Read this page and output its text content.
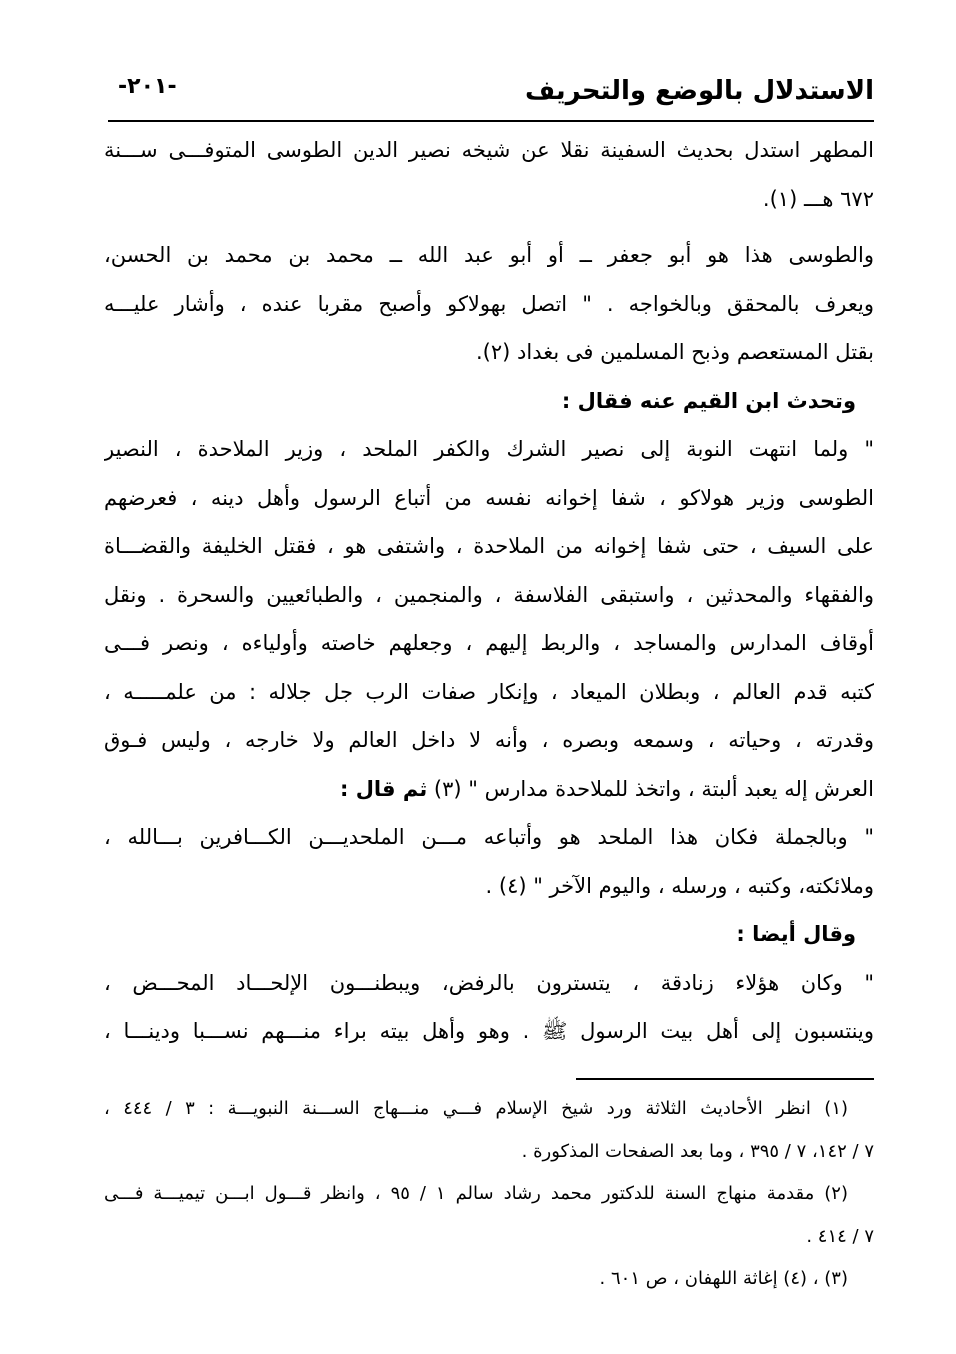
الاستدلال بالوضع والتحريف
-٢٠١-
المطهر استدل بحديث السفينة نقلا عن شيخه نصير الدين الطوسى المتوفـــى ســـنة
٦٧٢ هـــ (١).
والطوسى هذا هو أبو جعفر ــ أو أبو عبد الله ــ محمد بن محمد بن الحسن،
ويعرف بالمحقق وبالخواجه . " اتصل بهولاكو وأصبح مقربا عنده ، وأشار عليـــه
بقتل المستعصم وذبح المسلمين فى بغداد (٢).
وتحدث ابن القيم عنه فقال :
" ولما انتهت النوبة إلى نصير الشرك والكفر الملحد ، وزير الملاحدة ، النصير
الطوسى وزير هولاكو ، شفا إخوانه نفسه من أتباع الرسول وأهل دينه ، فعرضهم
على السيف ، حتى شفا إخوانه من الملاحدة ، واشتفى هو ، فقتل الخليفة والقضـــاة
والفقهاء والمحدثين ، واستبقى الفلاسفة ، والمنجمين ، والطبائعيين والسحرة . ونقل
أوقاف المدارس والمساجد ، والربط إليهم ، وجعلهم خاصته وأولياءه ، ونصر فـــى
كتبه قدم العالم ، وبطلان الميعاد ، وإنكار صفات الرب جل جلاله : من علمـــــه ،
وقدرته ، وحياته ، وسمعه وبصره ، وأنه لا داخل العالم ولا خارجه ، وليس فـوق
العرش إله يعبد ألبتة ، واتخذ للملاحدة مدارس " (٣) ثم قال :
" وبالجملة فكان هذا الملحد هو وأتباعه مـــن الملحديـــن الكـــافرين بـــالله ،
وملائكته، وكتبه ، ورسله ، واليوم الآخر " (٤) .
وقال أيضا :
" وكان هؤلاء زنادقة ، يتسترون بالرفض، ويبطنـــون الإلحـــاد المحـــض ،
وينتسبون إلى أهل بيت الرسول ﷺ . وهو وأهل بيته براء منـــهم نســـبا ودينـــا ،
(١) انظر الأحاديث الثلاثة ورد شيخ الإسلام فـــي منـــهاج الســـنة النبويـــة : ٣ / ٤٤٤ ،
٧ / ١٤٢، ٧ / ٣٩٥ ، وما بعد الصفحات المذكورة .
(٢) مقدمة منهاج السنة للدكتور محمد رشاد سالم ١ / ٩٥ ، وانظر قـــول ابـــن تيميـــة فـــى
٧ / ٤١٤ .
(٣) ، (٤) إغاثة اللهفان ، ص ٦٠١ .
